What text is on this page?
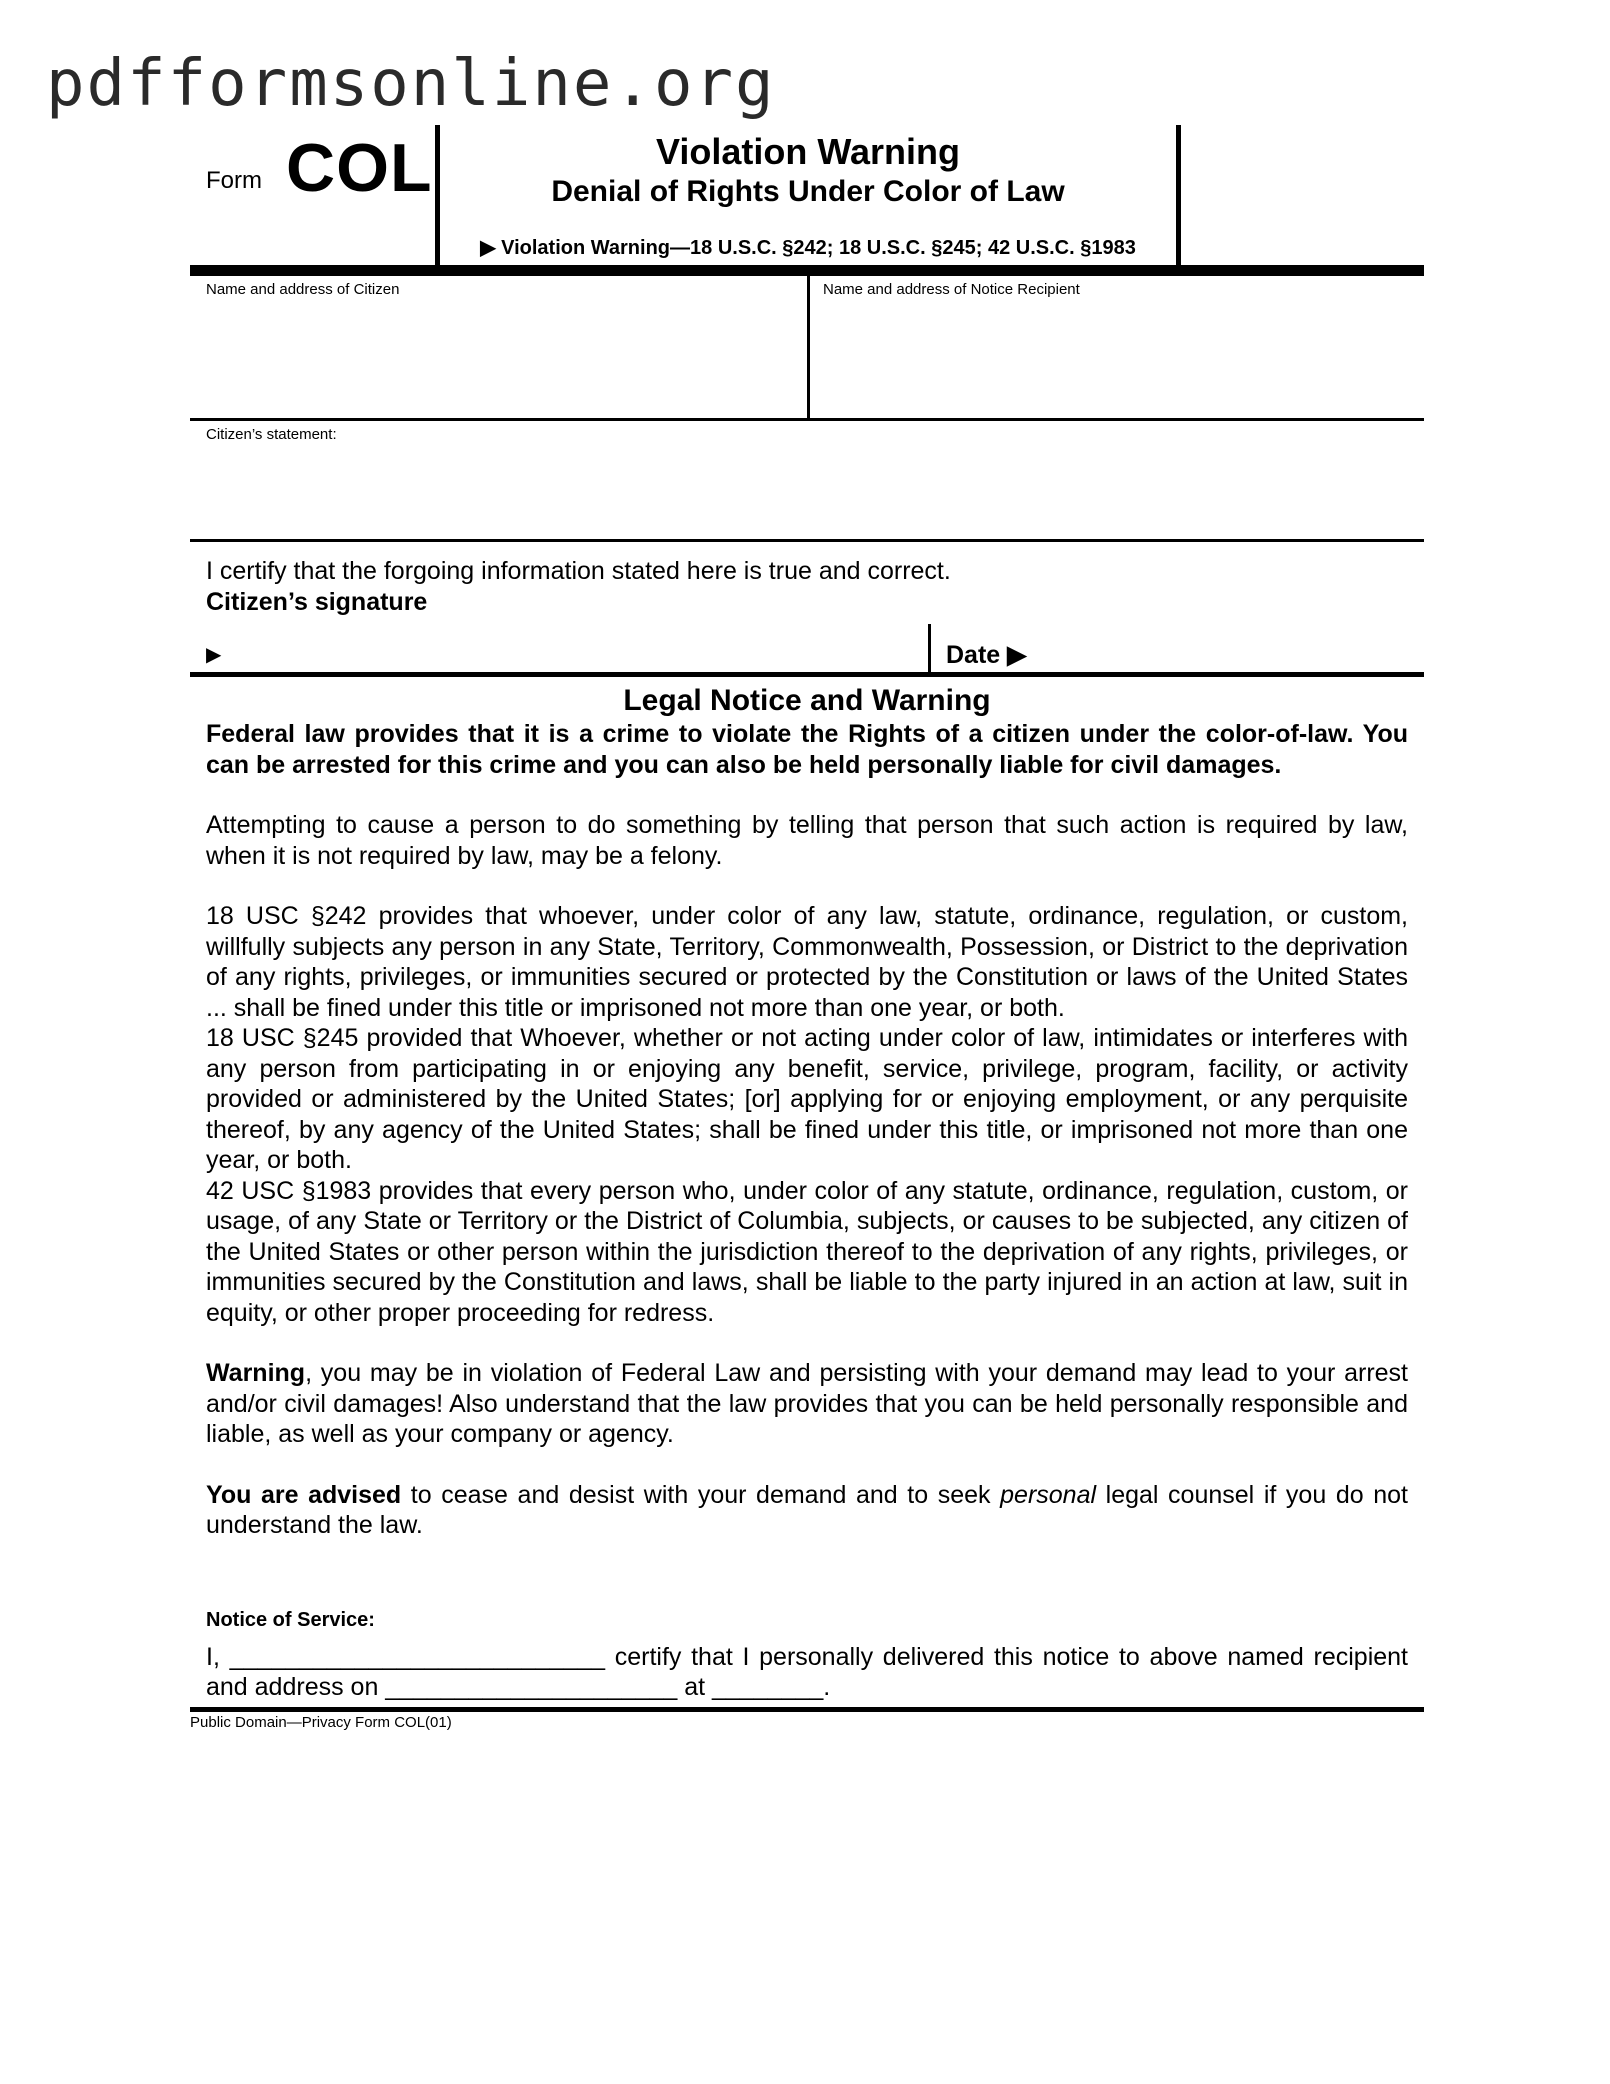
pdfformsonline.org
Form COL	Violation Warning
Denial of Rights Under Color of Law
▶ Violation Warning—18 U.S.C. §242; 18 U.S.C. §245; 42 U.S.C. §1983
Name and address of Citizen	Name and address of Notice Recipient
Citizen’s statement:
I certify that the forgoing information stated here is true and correct.
Citizen’s signature
▶	Date ▶
Legal Notice and Warning

Federal law provides that it is a crime to violate the Rights of a citizen under the color-of-law. You can be arrested for this crime and you can also be held personally liable for civil damages.

Attempting to cause a person to do something by telling that person that such action is required by law, when it is not required by law, may be a felony.

18 USC §242 provides that whoever, under color of any law, statute, ordinance, regulation, or custom, willfully subjects any person in any State, Territory, Commonwealth, Possession, or District to the deprivation of any rights, privileges, or immunities secured or protected by the Constitution or laws of the United States ... shall be fined under this title or imprisoned not more than one year, or both.

18 USC §245 provided that Whoever, whether or not acting under color of law, intimidates or interferes with any person from participating in or enjoying any benefit, service, privilege, program, facility, or activity provided or administered by the United States; [or] applying for or enjoying employment, or any perquisite thereof, by any agency of the United States; shall be fined under this title, or imprisoned not more than one year, or both.

42 USC §1983 provides that every person who, under color of any statute, ordinance, regulation, custom, or usage, of any State or Territory or the District of Columbia, subjects, or causes to be subjected, any citizen of the United States or other person within the jurisdiction thereof to the deprivation of any rights, privileges, or immunities secured by the Constitution and laws, shall be liable to the party injured in an action at law, suit in equity, or other proper proceeding for redress.

Warning, you may be in violation of Federal Law and persisting with your demand may lead to your arrest and/or civil damages! Also understand that the law provides that you can be held personally responsible and liable, as well as your company or agency.

You are advised to cease and desist with your demand and to seek personal legal counsel if you do not understand the law.

Notice of Service:
I, ___________________________ certify that I personally delivered this notice to above named recipient and address on _____________________ at ________.
Public Domain—Privacy Form COL(01)
